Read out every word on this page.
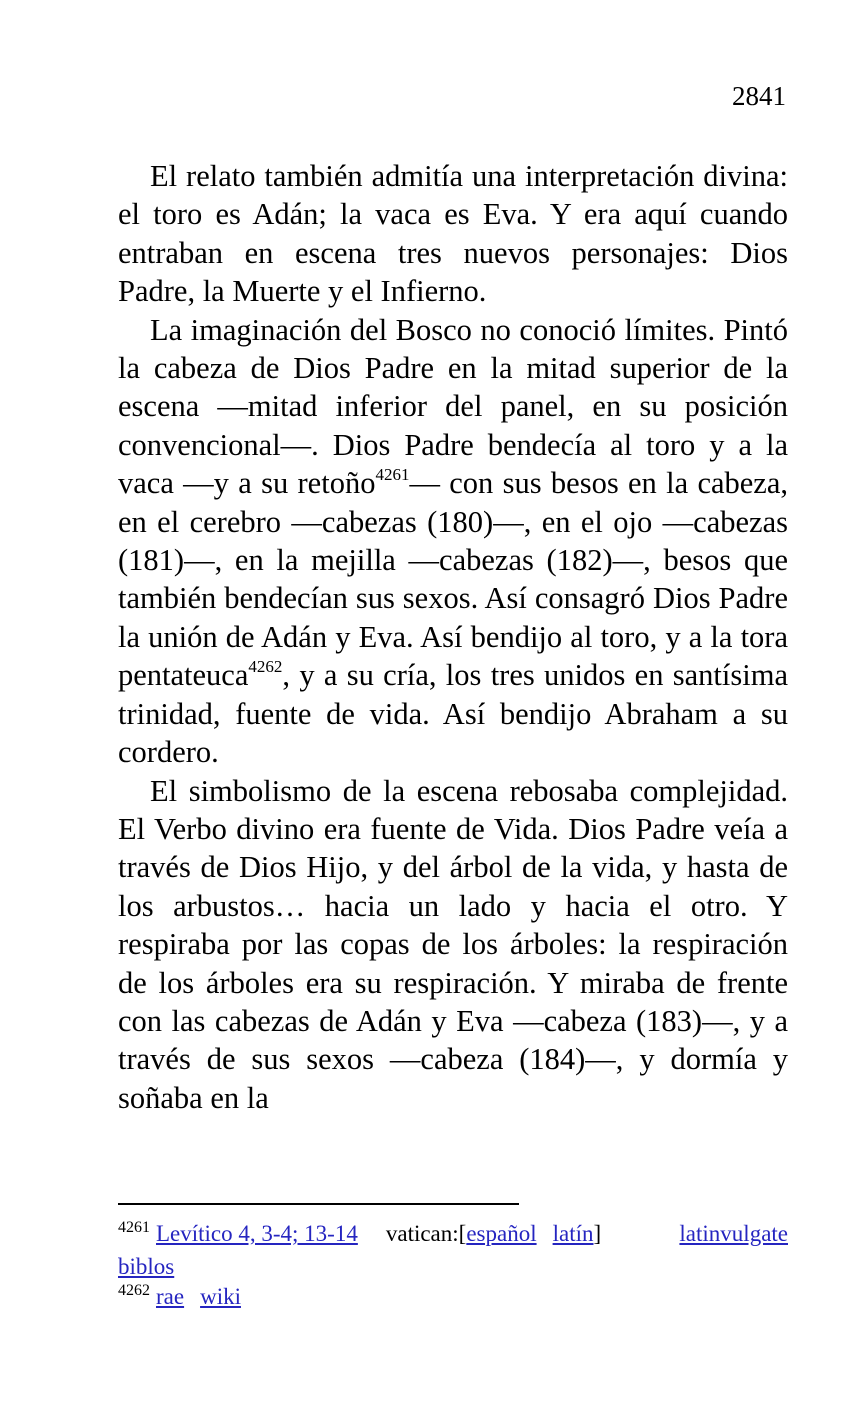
2841

El relato también admitía una interpretación divina: el toro es Adán; la vaca es Eva. Y era aquí cuando entraban en escena tres nuevos personajes: Dios Padre, la Muerte y el Infierno.

La imaginación del Bosco no conoció límites. Pintó la cabeza de Dios Padre en la mitad superior de la escena —mitad inferior del panel, en su posición convencional—. Dios Padre bendecía al toro y a la vaca —y a su retoño$^{4261}$— con sus besos en la cabeza, en el cerebro —cabezas (180)—, en el ojo —cabezas (181)—, en la mejilla —cabezas (182)—, besos que también bendecían sus sexos. Así consagró Dios Padre la unión de Adán y Eva. Así bendijo al toro, y a la tora pentateuca$^{4262}$, y a su cría, los tres unidos en santísima trinidad, fuente de vida. Así bendijo Abraham a su cordero.

El simbolismo de la escena rebosaba complejidad. El Verbo divino era fuente de Vida. Dios Padre veía a través de Dios Hijo, y del árbol de la vida, y hasta de los arbustos… hacia un lado y hacia el otro. Y respiraba por las copas de los árboles: la respiración de los árboles era su respiración. Y miraba de frente con las cabezas de Adán y Eva —cabeza (183)—, y a través de sus sexos —cabeza (184)—, y dormía y soñaba en la

4261 Levítico 4, 3-4; 13-14 vatican:[ español latín ]	latinvulgate
biblos
4262 rae wiki
